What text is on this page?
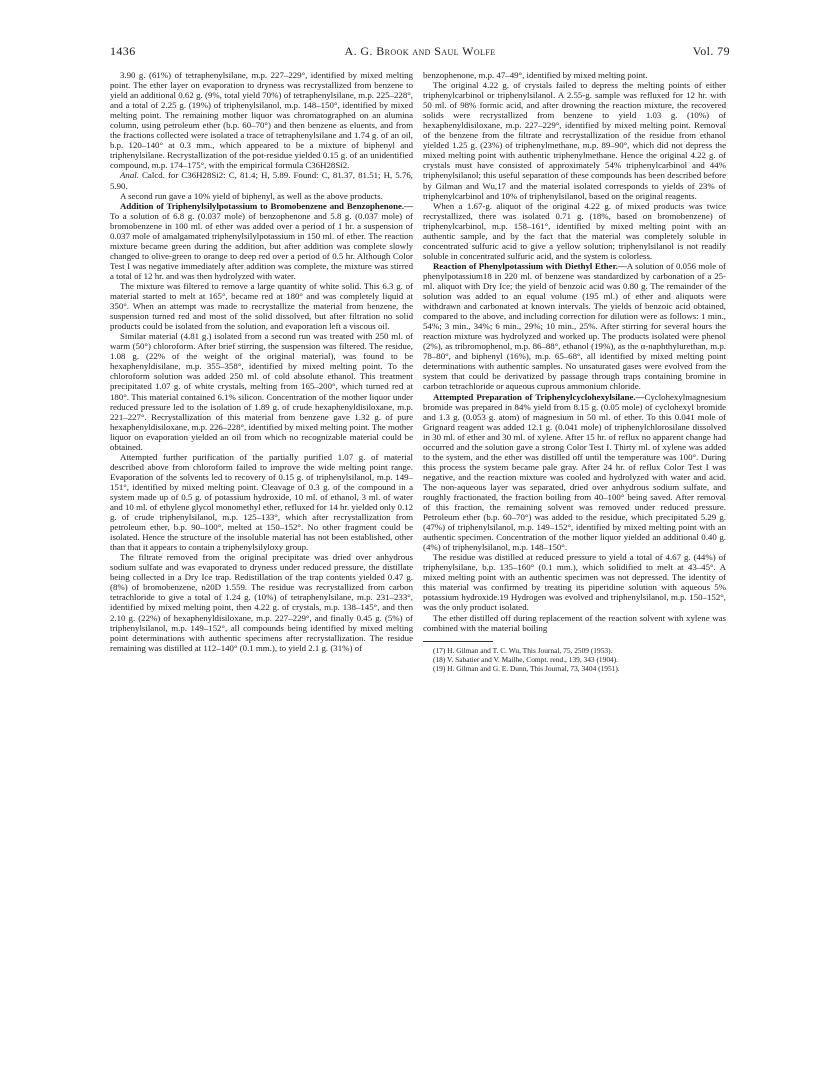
1436	A. G. Brook and Saul Wolfe	Vol. 79

3.90 g. (61%) of tetraphenylsilane, m.p. 227–229°, identified by mixed melting point. The ether layer on evaporation to dryness was recrystallized from benzene to yield an additional 0.62 g. (9%, total yield 70%) of tetraphenylsilane, m.p. 225–228°, and a total of 2.25 g. (19%) of triphenylsilanol, m.p. 148–150°, identified by mixed melting point. The remaining mother liquor was chromatographed on an alumina column, using petroleum ether (b.p. 60–70°) and then benzene as eluents, and from the fractions collected were isolated a trace of tetraphenylsilane and 1.74 g. of an oil, b.p. 120–140° at 0.3 mm., which appeared to be a mixture of biphenyl and triphenylsilane. Recrystallization of the pot-residue yielded 0.15 g. of an unidentified compound, m.p. 174–175°, with the empirical formula C36H28Si2.

Anal. Calcd. for C36H28Si2: C, 81.4; H, 5.89. Found: C, 81.37, 81.51; H, 5.76, 5.90.

A second run gave a 10% yield of biphenyl, as well as the above products.

Addition of Triphenylsilylpotassium to Bromobenzene and Benzophenone.—To a solution of 6.8 g. (0.037 mole) of benzophenone and 5.8 g. (0.037 mole) of bromobenzene in 100 ml. of ether was added over a period of 1 hr. a suspension of 0.037 mole of amalgamated triphenylsilylpotassium in 150 ml. of ether. The reaction mixture became green during the addition, but after addition was complete slowly changed to olive-green to orange to deep red over a period of 0.5 hr. Although Color Test I was negative immediately after addition was complete, the mixture was stirred a total of 12 hr. and was then hydrolyzed with water.

The mixture was filtered to remove a large quantity of white solid. This 6.3 g. of material started to melt at 165°, became red at 180° and was completely liquid at 350°. When an attempt was made to recrystallize the material from benzene, the suspension turned red and most of the solid dissolved, but after filtration no solid products could be isolated from the solution, and evaporation left a viscous oil.

Similar material (4.81 g.) isolated from a second run was treated with 250 ml. of warm (50°) chloroform. After brief stirring, the suspension was filtered. The residue, 1.08 g. (22% of the weight of the original material), was found to be hexaphenyldisilane, m.p. 355–358°, identified by mixed melting point. To the chloroform solution was added 250 ml. of cold absolute ethanol. This treatment precipitated 1.07 g. of white crystals, melting from 165–200°, which turned red at 180°. This material contained 6.1% silicon. Concentration of the mother liquor under reduced pressure led to the isolation of 1.89 g. of crude hexaphenyldisiloxane, m.p. 221–227°. Recrystallization of this material from benzene gave 1.32 g. of pure hexaphenyldisiloxane, m.p. 226–228°, identified by mixed melting point. The mother liquor on evaporation yielded an oil from which no recognizable material could be obtained.

Attempted further purification of the partially purified 1.07 g. of material described above from chloroform failed to improve the wide melting point range. Evaporation of the solvents led to recovery of 0.15 g. of triphenylsilanol, m.p. 149–151°, identified by mixed melting point. Cleavage of 0.3 g. of the compound in a system made up of 0.5 g. of potassium hydroxide, 10 ml. of ethanol, 3 ml. of water and 10 ml. of ethylene glycol monomethyl ether, refluxed for 14 hr. yielded only 0.12 g. of crude triphenylsilanol, m.p. 125–133°, which after recrystallization from petroleum ether, b.p. 90–100°, melted at 150–152°. No other fragment could be isolated. Hence the structure of the insoluble material has not been established, other than that it appears to contain a triphenylsilyloxy group.

The filtrate removed from the original precipitate was dried over anhydrous sodium sulfate and was evaporated to dryness under reduced pressure, the distillate being collected in a Dry Ice trap. Redistillation of the trap contents yielded 0.47 g. (8%) of bromobenzene, n20D 1.559. The residue was recrystallized from carbon tetrachloride to give a total of 1.24 g. (10%) of tetraphenylsilane, m.p. 231–233°, identified by mixed melting point, then 4.22 g. of crystals, m.p. 138–145°, and then 2.10 g. (22%) of hexaphenyldisiloxane, m.p. 227–229°, and finally 0.45 g. (5%) of triphenylsilanol, m.p. 149–152°, all compounds being identified by mixed melting point determinations with authentic specimens after recrystallization. The residue remaining was distilled at 112–140° (0.1 mm.), to yield 2.1 g. (31%) of

benzophenone, m.p. 47–49°, identified by mixed melting point.

The original 4.22 g. of crystals failed to depress the melting points of either triphenylcarbinol or triphenylsilanol. A 2.55-g. sample was refluxed for 12 hr. with 50 ml. of 98% formic acid, and after drowning the reaction mixture, the recovered solids were recrystallized from benzene to yield 1.03 g. (10%) of hexaphenyldisiloxane, m.p. 227–229°, identified by mixed melting point. Removal of the benzene from the filtrate and recrystallization of the residue from ethanol yielded 1.25 g. (23%) of triphenylmethane, m.p. 89–90°, which did not depress the mixed melting point with authentic triphenylmethane. Hence the original 4.22 g. of crystals must have consisted of approximately 54% triphenylcarbinol and 44% triphenylsilanol; this useful separation of these compounds has been described before by Gilman and Wu,17 and the material isolated corresponds to yields of 23% of triphenylcarbinol and 10% of triphenylsilanol, based on the original reagents.

When a 1.67-g. aliquot of the original 4.22 g. of mixed products was twice recrystallized, there was isolated 0.71 g. (18%, based on bromobenzene) of triphenylcarbinol, m.p. 158–161°, identified by mixed melting point with an authentic sample, and by the fact that the material was completely soluble in concentrated sulfuric acid to give a yellow solution; triphenylsilanol is not readily soluble in concentrated sulfuric acid, and the system is colorless.

Reaction of Phenylpotassium with Diethyl Ether.—A solution of 0.056 mole of phenylpotassium18 in 220 ml. of benzene was standardized by carbonation of a 25-ml. aliquot with Dry Ice; the yield of benzoic acid was 0.80 g. The remainder of the solution was added to an equal volume (195 ml.) of ether and aliquots were withdrawn and carbonated at known intervals. The yields of benzoic acid obtained, compared to the above, and including correction for dilution were as follows: 1 min., 54%; 3 min., 34%; 6 min., 29%; 10 min., 25%. After stirring for several hours the reaction mixture was hydrolyzed and worked up. The products isolated were phenol (2%), as tribromophenol, m.p. 86–88°, ethanol (19%), as the α-naphthylurethan, m.p. 78–80°, and biphenyl (16%), m.p. 65–68°, all identified by mixed melting point determinations with authentic samples. No unsaturated gases were evolved from the system that could be derivatized by passage through traps containing bromine in carbon tetrachloride or aqueous cuprous ammonium chloride.

Attempted Preparation of Triphenylcyclohexylsilane.—Cyclohexylmagnesium bromide was prepared in 84% yield from 8.15 g. (0.05 mole) of cyclohexyl bromide and 1.3 g. (0.053 g. atom) of magnesium in 50 ml. of ether. To this 0.041 mole of Grignard reagent was added 12.1 g. (0.041 mole) of triphenylchlorosilane dissolved in 30 ml. of ether and 30 ml. of xylene. After 15 hr. of reflux no apparent change had occurred and the solution gave a strong Color Test I. Thirty ml. of xylene was added to the system, and the ether was distilled off until the temperature was 100°. During this process the system became pale gray. After 24 hr. of reflux Color Test I was negative, and the reaction mixture was cooled and hydrolyzed with water and acid. The non-aqueous layer was separated, dried over anhydrous sodium sulfate, and roughly fractionated, the fraction boiling from 40–100° being saved. After removal of this fraction, the remaining solvent was removed under reduced pressure. Petroleum ether (b.p. 60–70°) was added to the residue, which precipitated 5.29 g. (47%) of triphenylsilanol, m.p. 149–152°, identified by mixed melting point with an authentic specimen. Concentration of the mother liquor yielded an additional 0.40 g. (4%) of triphenylsilanol, m.p. 148–150°.

The residue was distilled at reduced pressure to yield a total of 4.67 g. (44%) of triphenylsilane, b.p. 135–160° (0.1 mm.), which solidified to melt at 43–45°. A mixed melting point with an authentic specimen was not depressed. The identity of this material was confirmed by treating its piperidine solution with aqueous 5% potassium hydroxide.19 Hydrogen was evolved and triphenylsilanol, m.p. 150–152°, was the only product isolated.

The ether distilled off during replacement of the reaction solvent with xylene was combined with the material boiling

(17) H. Gilman and T. C. Wu, This Journal, 75, 2509 (1953).

(18) V. Sabatier and V. Mailhe, Compt. rend., 139, 343 (1904).

(19) H. Gilman and G. E. Dunn, This Journal, 73, 3404 (1951).
